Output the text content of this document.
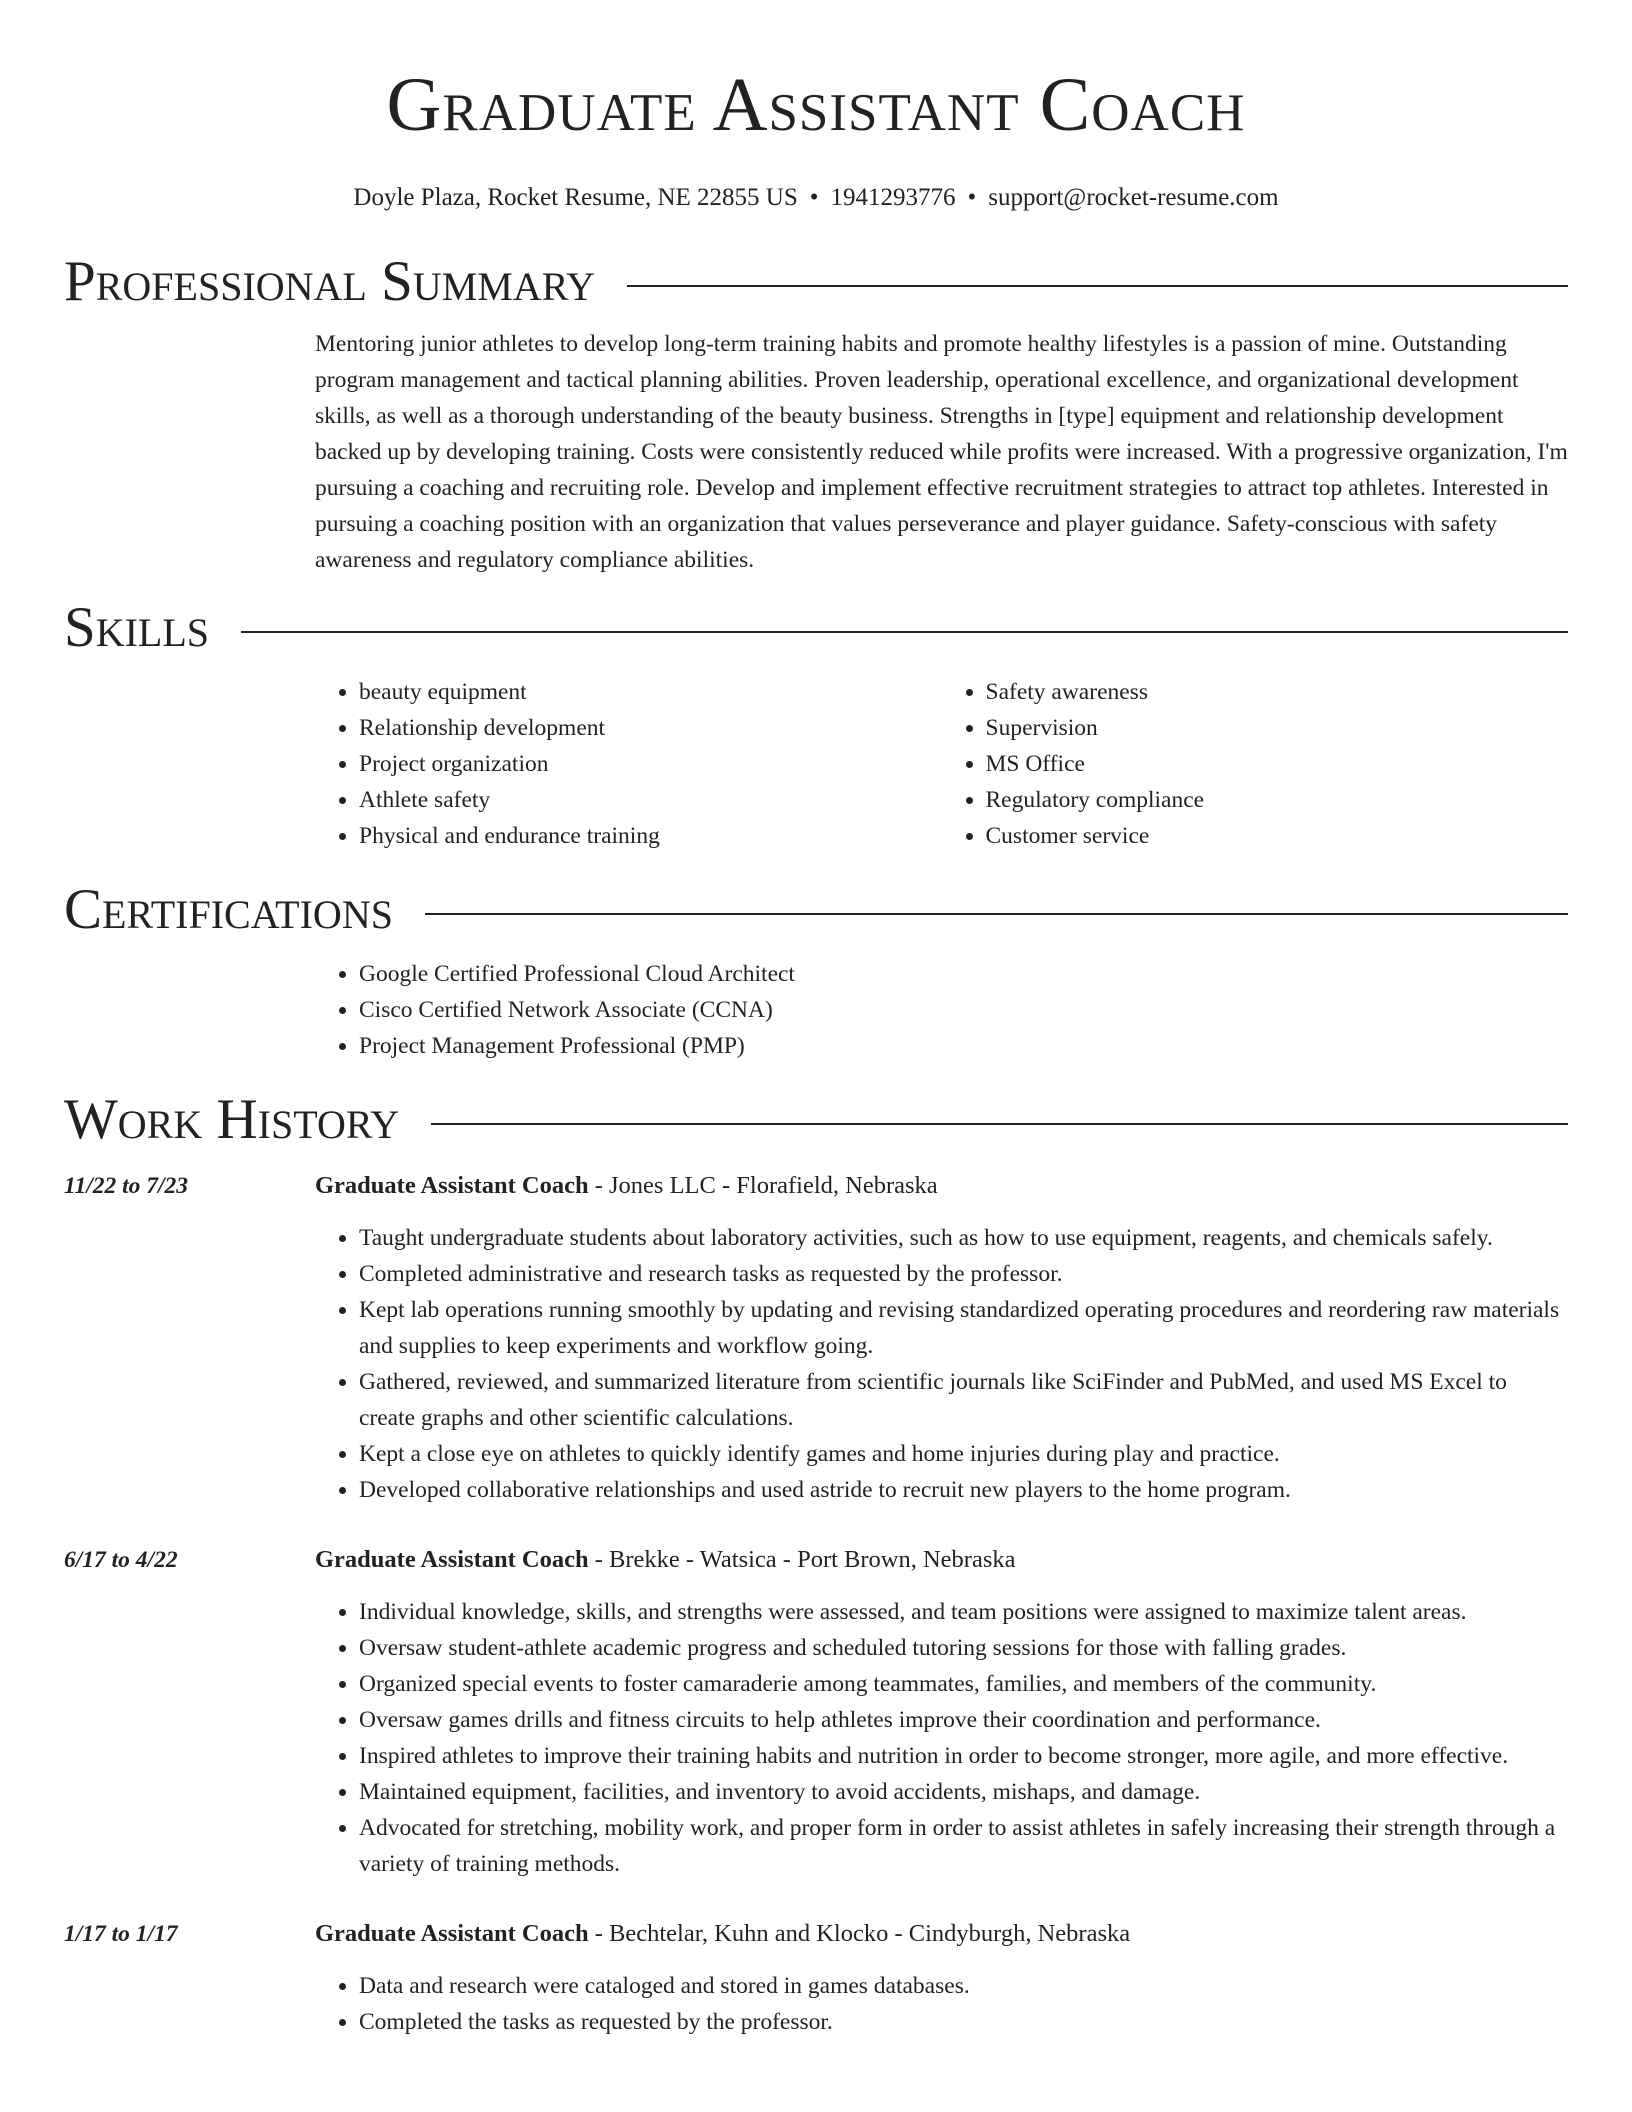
Graduate Assistant Coach
Doyle Plaza, Rocket Resume, NE 22855 US • 1941293776 • support@rocket-resume.com
Professional Summary

Mentoring junior athletes to develop long-term training habits and promote healthy lifestyles is a passion of mine. Outstanding program management and tactical planning abilities. Proven leadership, operational excellence, and organizational development skills, as well as a thorough understanding of the beauty business. Strengths in [type] equipment and relationship development backed up by developing training. Costs were consistently reduced while profits were increased. With a progressive organization, I'm pursuing a coaching and recruiting role. Develop and implement effective recruitment strategies to attract top athletes. Interested in pursuing a coaching position with an organization that values perseverance and player guidance. Safety-conscious with safety awareness and regulatory compliance abilities.

Skills
• beauty equipment
• Relationship development
• Project organization
• Athlete safety
• Physical and endurance training
• Safety awareness
• Supervision
• MS Office
• Regulatory compliance
• Customer service
Certifications
• Google Certified Professional Cloud Architect
• Cisco Certified Network Associate (CCNA)
• Project Management Professional (PMP)
Work History
11/22 to 7/23	Graduate Assistant Coach - Jones LLC - Florafield, Nebraska
• Taught undergraduate students about laboratory activities, such as how to use equipment, reagents, and chemicals safely.
• Completed administrative and research tasks as requested by the professor.
• Kept lab operations running smoothly by updating and revising standardized operating procedures and reordering raw materials and supplies to keep experiments and workflow going.
• Gathered, reviewed, and summarized literature from scientific journals like SciFinder and PubMed, and used MS Excel to create graphs and other scientific calculations.
• Kept a close eye on athletes to quickly identify games and home injuries during play and practice.
• Developed collaborative relationships and used astride to recruit new players to the home program.
6/17 to 4/22	Graduate Assistant Coach - Brekke - Watsica - Port Brown, Nebraska
• Individual knowledge, skills, and strengths were assessed, and team positions were assigned to maximize talent areas.
• Oversaw student-athlete academic progress and scheduled tutoring sessions for those with falling grades.
• Organized special events to foster camaraderie among teammates, families, and members of the community.
• Oversaw games drills and fitness circuits to help athletes improve their coordination and performance.
• Inspired athletes to improve their training habits and nutrition in order to become stronger, more agile, and more effective.
• Maintained equipment, facilities, and inventory to avoid accidents, mishaps, and damage.
• Advocated for stretching, mobility work, and proper form in order to assist athletes in safely increasing their strength through a variety of training methods.
1/17 to 1/17	Graduate Assistant Coach - Bechtelar, Kuhn and Klocko - Cindyburgh, Nebraska
• Data and research were cataloged and stored in games databases.
• Completed the tasks as requested by the professor.
